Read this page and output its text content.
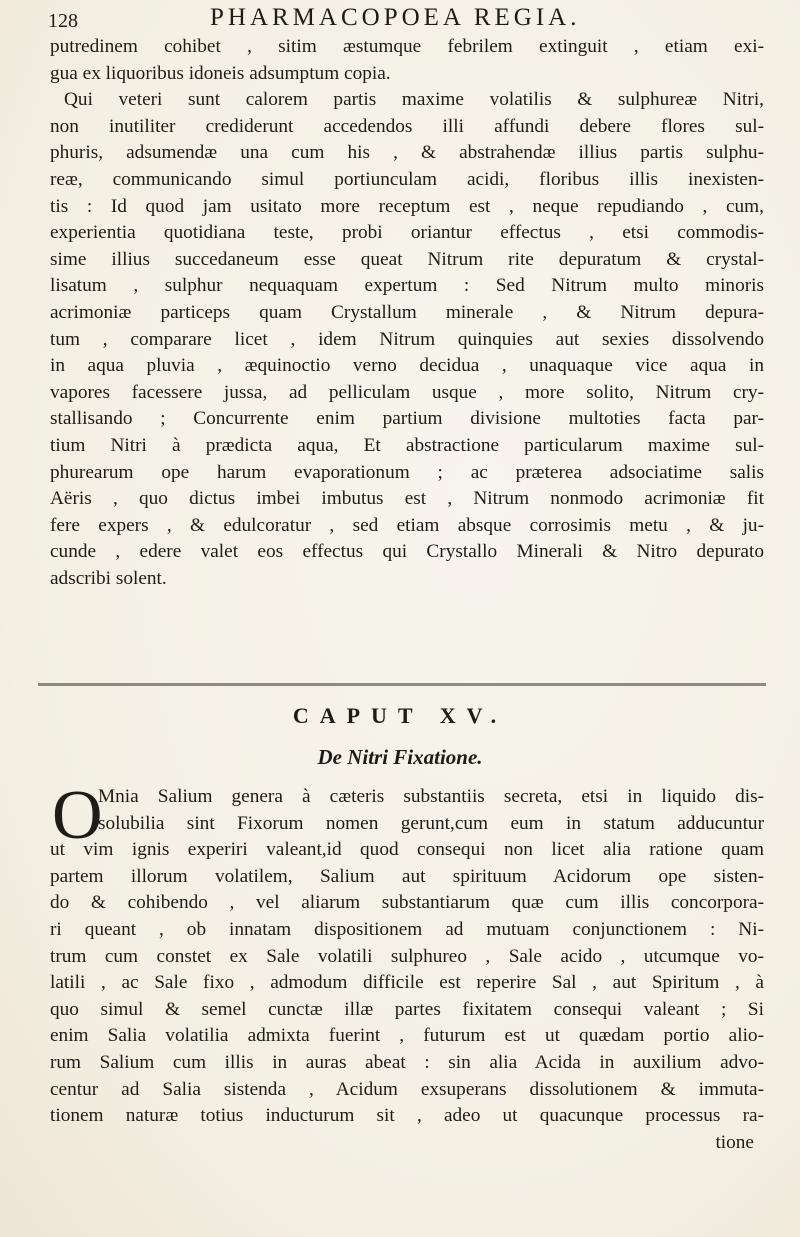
128	PHARMACOPOEA REGIA.
putredinem cohibet , sitim æstumque febrilem extinguit , etiam exi-
gua ex liquoribus idoneis adsumptum copia.
Qui veteri sunt calorem partis maxime volatilis & sulphureæ Nitri,
non inutiliter crediderunt accedendos illi affundi debere flores sul-
phuris, adsumendæ una cum his , & abstrahendæ illius partis sulphu-
reæ, communicando simul portiunculam acidi, floribus illis inexisten-
tis : Id quod jam usitato more receptum est , neque repudiando , cum,
experientia quotidiana teste, probi oriantur effectus , etsi commodis-
sime illius succedaneum esse queat Nitrum rite depuratum & crystal-
lisatum , sulphur nequaquam expertum : Sed Nitrum multo minoris
acrimoniæ particeps quam Crystallum minerale , & Nitrum depura-
tum , comparare licet , idem Nitrum quinquies aut sexies dissolvendo
in aqua pluvia , æquinoctio verno decidua , unaquaque vice aqua in
vapores facessere jussa, ad pelliculam usque , more solito, Nitrum cry-
stallisando ; Concurrente enim partium divisione multoties facta par-
tium Nitri à prædicta aqua, Et abstractione particularum maxime sul-
phurearum ope harum evaporationum ; ac præterea adsociatime salis
Aëris , quo dictus imbei imbutus est , Nitrum nonmodo acrimoniæ fit
fere expers , & edulcoratur , sed etiam absque corrosimis metu , & ju-
cunde , edere valet eos effectus qui Crystallo Minerali & Nitro depurato
adscribi solent.
CAPUT XV.
De Nitri Fixatione.
O
Mnia Salium genera à cæteris substantiis secreta, etsi in liquido dis-
solubilia sint Fixorum nomen gerunt,cum eum in statum adducuntur
ut vim ignis experiri valeant,id quod consequi non licet alia ratione quam
partem illorum volatilem, Salium aut spirituum Acidorum ope sisten-
do & cohibendo , vel aliarum substantiarum quæ cum illis concorpora-
ri queant , ob innatam dispositionem ad mutuam conjunctionem : Ni-
trum cum constet ex Sale volatili sulphureo , Sale acido , utcumque vo-
latili , ac Sale fixo , admodum difficile est reperire Sal , aut Spiritum , à
quo simul & semel cunctæ illæ partes fixitatem consequi valeant ; Si
enim Salia volatilia admixta fuerint , futurum est ut quædam portio alio-
rum Salium cum illis in auras abeat : sin alia Acida in auxilium advo-
centur ad Salia sistenda , Acidum exsuperans dissolutionem & immuta-
tionem naturæ totius inducturum sit , adeo ut quacunque processus ra-
tione
